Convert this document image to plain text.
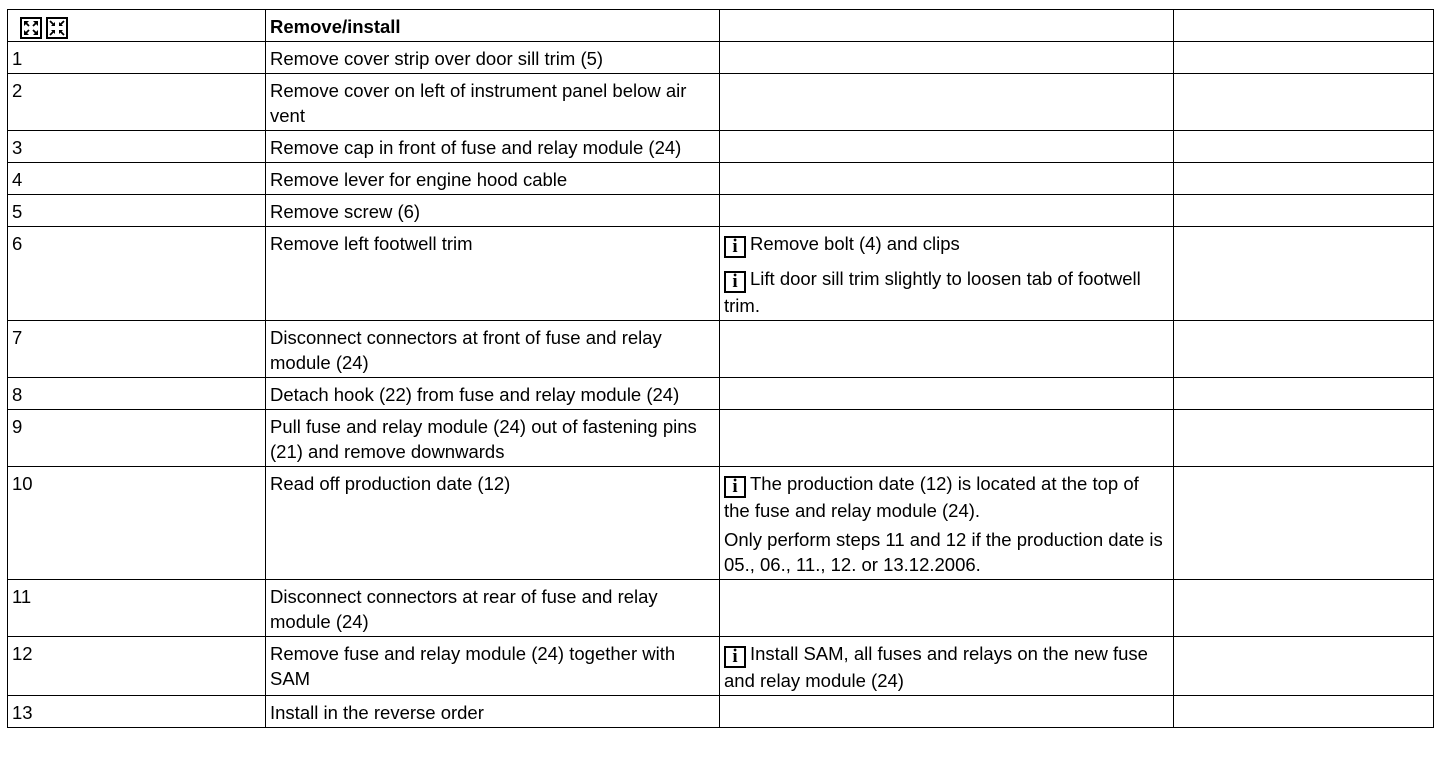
	Remove/install		
1	Remove cover strip over door sill trim (5)		
2	Remove cover on left of instrument panel below air vent		
3	Remove cap in front of fuse and relay module (24)		
4	Remove lever for engine hood cable		
5	Remove screw (6)		
6	Remove left footwell trim	i Remove bolt (4) and clips
i Lift door sill trim slightly to loosen tab of footwell trim.	

7	Disconnect connectors at front of fuse and relay module (24)		
8	Detach hook (22) from fuse and relay module (24)		
9	Pull fuse and relay module (24) out of fastening pins (21) and remove downwards		
10	Read off production date (12)	i The production date (12) is located at the top of the fuse and relay module (24).
Only perform steps 11 and 12 if the production date is 05., 06., 11., 12. or 13.12.2006.	

11	Disconnect connectors at rear of fuse and relay module (24)		
12	Remove fuse and relay module (24) together with SAM	i Install SAM, all fuses and relays on the new fuse and relay module (24)	

13	Install in the reverse order		
